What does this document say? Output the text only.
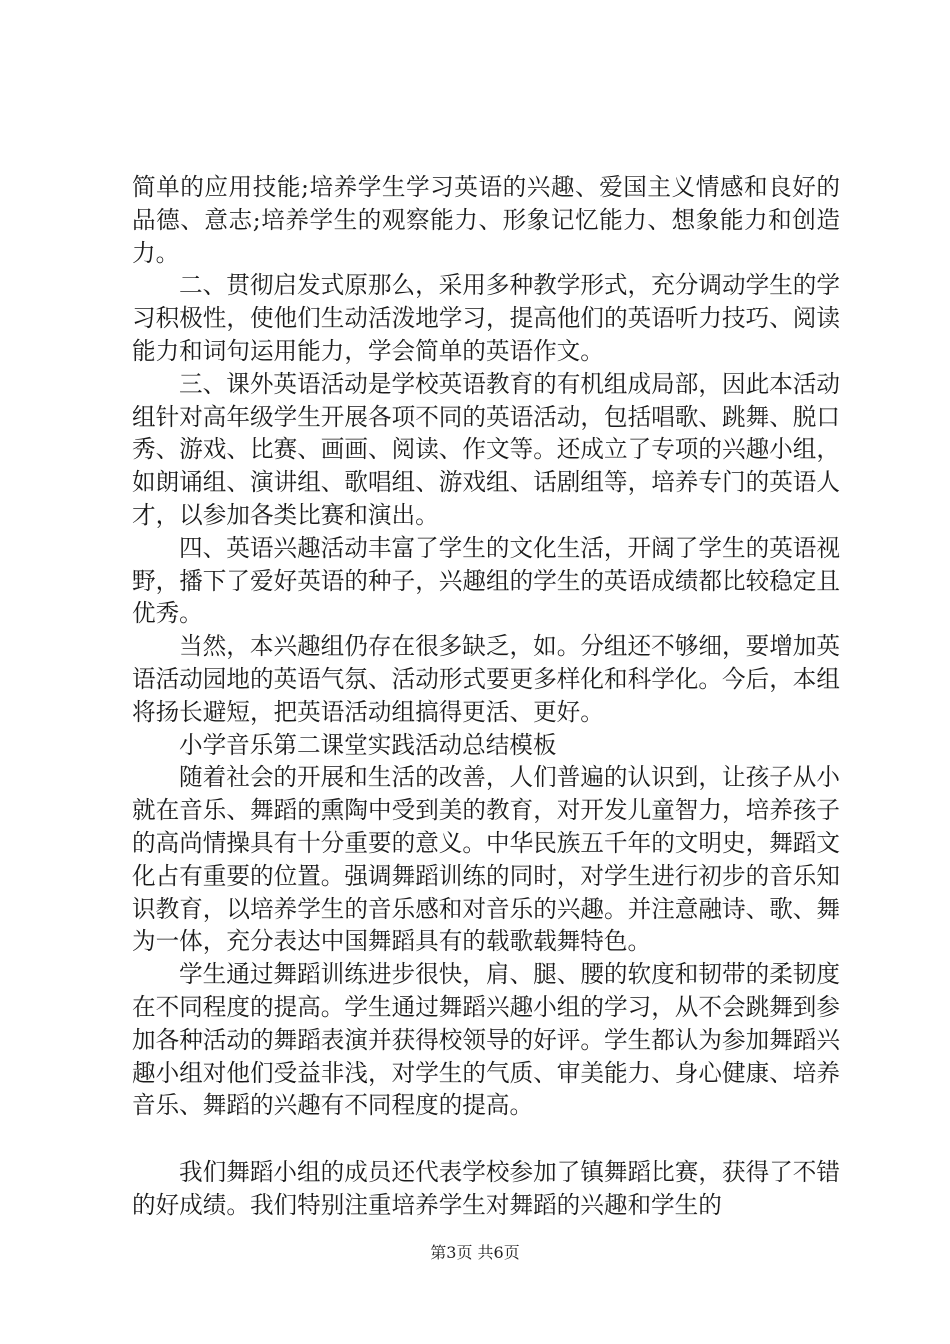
简单的应用技能;培养学生学习英语的兴趣、爱国主义情感和良好的品德、意志;培养学生的观察能力、形象记忆能力、想象能力和创造力。

二、贯彻启发式原那么，采用多种教学形式，充分调动学生的学习积极性，使他们生动活泼地学习，提高他们的英语听力技巧、阅读能力和词句运用能力，学会简单的英语作文。

三、课外英语活动是学校英语教育的有机组成局部，因此本活动组针对高年级学生开展各项不同的英语活动，包括唱歌、跳舞、脱口秀、游戏、比赛、画画、阅读、作文等。还成立了专项的兴趣小组，如朗诵组、演讲组、歌唱组、游戏组、话剧组等，培养专门的英语人才，以参加各类比赛和演出。

四、英语兴趣活动丰富了学生的文化生活，开阔了学生的英语视野，播下了爱好英语的种子，兴趣组的学生的英语成绩都比较稳定且优秀。

当然，本兴趣组仍存在很多缺乏，如。分组还不够细，要增加英语活动园地的英语气氛、活动形式要更多样化和科学化。今后，本组将扬长避短，把英语活动组搞得更活、更好。

小学音乐第二课堂实践活动总结模板

随着社会的开展和生活的改善，人们普遍的认识到，让孩子从小就在音乐、舞蹈的熏陶中受到美的教育，对开发儿童智力，培养孩子的高尚情操具有十分重要的意义。中华民族五千年的文明史，舞蹈文化占有重要的位置。强调舞蹈训练的同时，对学生进行初步的音乐知识教育，以培养学生的音乐感和对音乐的兴趣。并注意融诗、歌、舞为一体，充分表达中国舞蹈具有的载歌载舞特色。

学生通过舞蹈训练进步很快，肩、腿、腰的软度和韧带的柔韧度在不同程度的提高。学生通过舞蹈兴趣小组的学习，从不会跳舞到参加各种活动的舞蹈表演并获得校领导的好评。学生都认为参加舞蹈兴趣小组对他们受益非浅，对学生的气质、审美能力、身心健康、培养音乐、舞蹈的兴趣有不同程度的提高。

我们舞蹈小组的成员还代表学校参加了镇舞蹈比赛，获得了不错的好成绩。我们特别注重培养学生对舞蹈的兴趣和学生的

第3页 共6页
